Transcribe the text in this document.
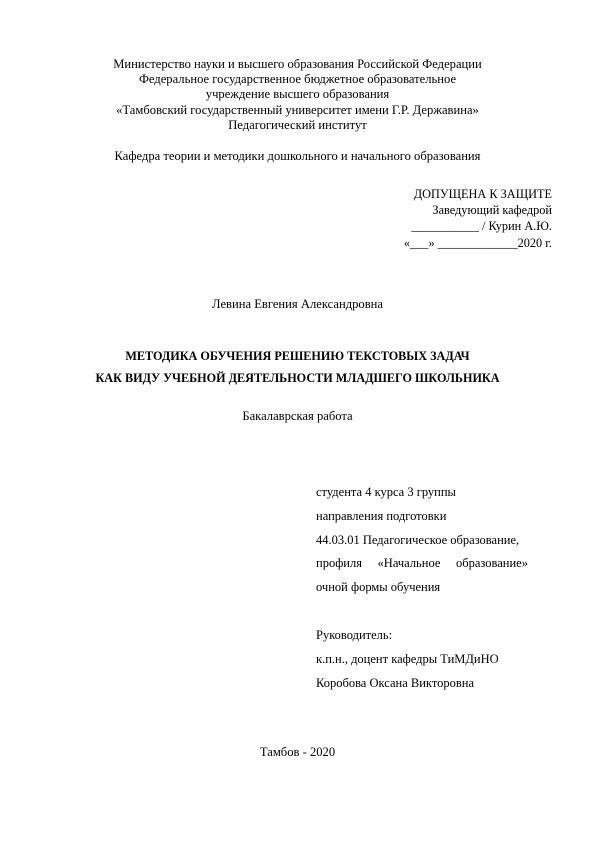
Министерство науки и высшего образования Российской Федерации
Федеральное государственное бюджетное образовательное
учреждение высшего образования
«Тамбовский государственный университет имени Г.Р. Державина»
Педагогический институт
Кафедра теории и методики дошкольного и начального образования
ДОПУЩЕНА К ЗАЩИТЕ
Заведующий кафедрой
___________ / Курин А.Ю.
«___» _____________2020 г.
Левина Евгения Александровна
МЕТОДИКА ОБУЧЕНИЯ РЕШЕНИЮ ТЕКСТОВЫХ ЗАДАЧ
КАК ВИДУ УЧЕБНОЙ ДЕЯТЕЛЬНОСТИ МЛАДШЕГО ШКОЛЬНИКА
Бакалаврская работа
студента 4 курса 3 группы
направления подготовки
44.03.01 Педагогическое образование,
профиля «Начальное образование»
очной формы обучения
Руководитель:
к.п.н., доцент кафедры ТиМДиНО
Коробова Оксана Викторовна
Тамбов - 2020
